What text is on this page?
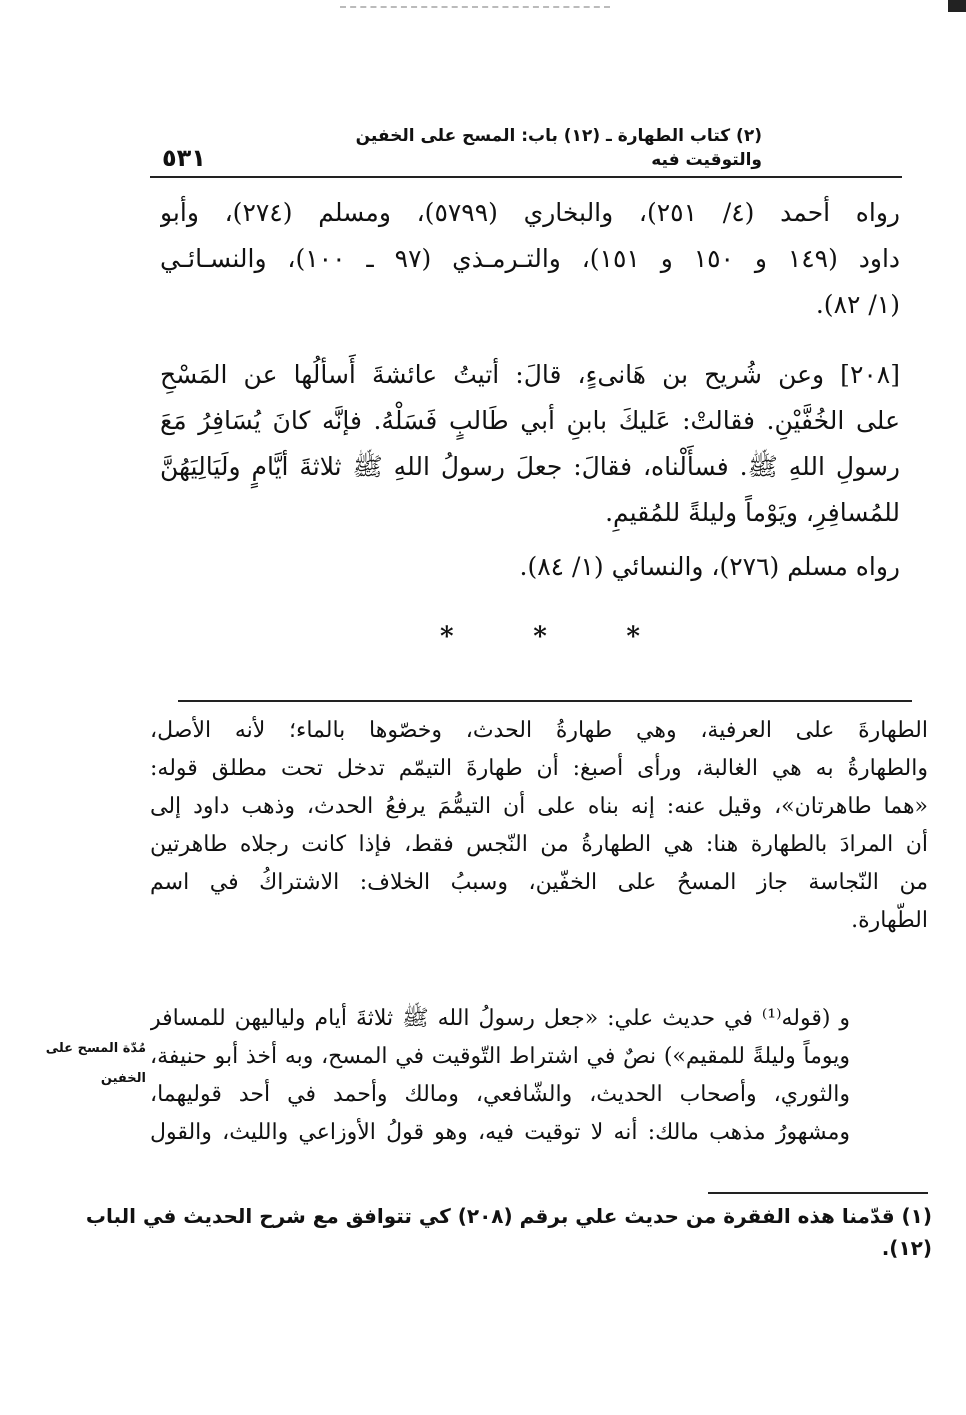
٥٣١
(٢) كتاب الطهارة ـ (١٢) باب: المسح على الخفين والتوقيت فيه
رواه أحمد (٤/ ٢٥١)، والبخاري (٥٧٩٩)، ومسلم (٢٧٤)، وأبو
داود (١٤٩ و ١٥٠ و ١٥١)، والتـرمـذي (٩٧ ـ ١٠٠)، والنسـائـي
(١/ ٨٢).
[٢٠٨] وعن شُريح بن هَانىءٍ، قالَ: أتيتُ عائشةَ أَسألُها عن المَسْحِ
على الخُفَّيْنِ. فقالتْ: عَليكَ بابنِ أبي طَالبٍ فَسَلْهُ. فإنَّه كانَ يُسَافِرُ مَعَ
رسولِ اللهِ ﷺ. فسأَلْناه، فقالَ: جعلَ رسولُ اللهِ ﷺ ثلاثةَ أيَّامٍ ولَيَالِيَهُنَّ
للمُسافِرِ، ويَوْماً وليلةً للمُقيمِ.
رواه مسلم (٢٧٦)، والنسائي (١/ ٨٤).
*	*	*
الطهارةَ على العرفية، وهي طهارةُ الحدث، وخصّوها بالماء؛ لأنه الأصل،
والطهارةُ به هي الغالبة، ورأى أصبغ: أن طهارةَ التيمّم تدخل تحت مطلق قوله:
«هما طاهرتان»، وقيل عنه: إنه بناه على أن التيمُّمَ يرفعُ الحدث، وذهب داود إلى
أن المرادَ بالطهارة هنا: هي الطهارةُ من النّجس فقط، فإذا كانت رجلاه طاهرتين
من النّجاسة جاز المسحُ على الخفّين، وسببُ الخلاف: الاشتراكُ في اسم
الطّهارة.
و (قوله⁽¹⁾ في حديث علي: «جعل رسولُ الله ﷺ ثلاثةَ أيام ولياليهن للمسافر
ويوماً وليلةً للمقيم») نصٌ في اشتراط التّوقيت في المسح، وبه أخذ أبو حنيفة،
والثوري، وأصحاب الحديث، والشّافعي، ومالك وأحمد في أحد قوليهما،
ومشهورُ مذهب مالك: أنه لا توقيت فيه، وهو قولُ الأوزاعي والليث، والقول
مُدّة المسح على
الخفين
(١) قدّمنا هذه الفقرة من حديث علي برقم (٢٠٨) كي تتوافق مع شرح الحديث في الباب
(١٢).
